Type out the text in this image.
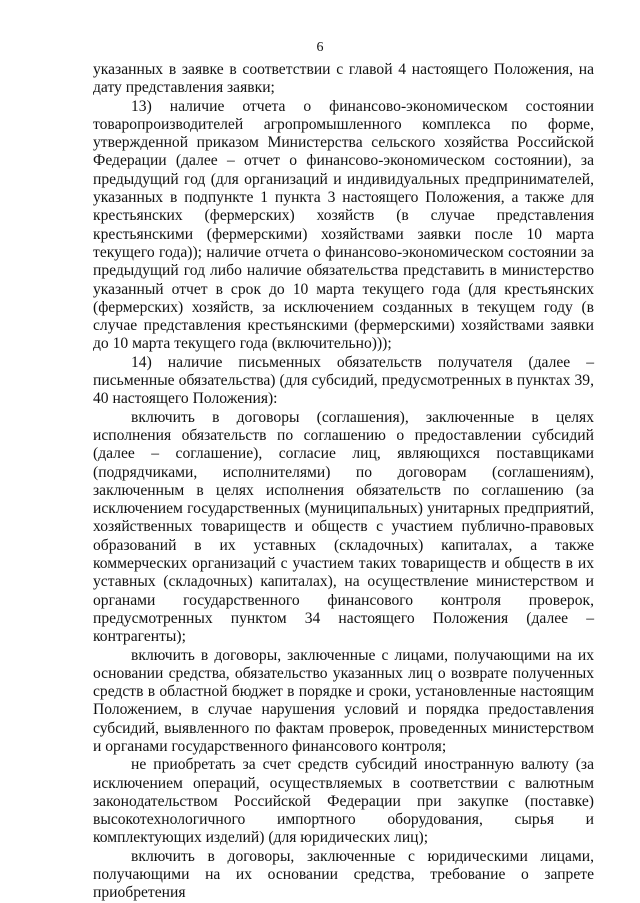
6

указанных в заявке в соответствии с главой 4 настоящего Положения, на дату представления заявки;

13) наличие отчета о финансово-экономическом состоянии товаропроизводителей агропромышленного комплекса по форме, утвержденной приказом Министерства сельского хозяйства Российской Федерации (далее – отчет о финансово-экономическом состоянии), за предыдущий год (для организаций и индивидуальных предпринимателей, указанных в подпункте 1 пункта 3 настоящего Положения, а также для крестьянских (фермерских) хозяйств (в случае представления крестьянскими (фермерскими) хозяйствами заявки после 10 марта текущего года)); наличие отчета о финансово-экономическом состоянии за предыдущий год либо наличие обязательства представить в министерство указанный отчет в срок до 10 марта текущего года (для крестьянских (фермерских) хозяйств, за исключением созданных в текущем году (в случае представления крестьянскими (фермерскими) хозяйствами заявки до 10 марта текущего года (включительно)));

14) наличие письменных обязательств получателя (далее – письменные обязательства) (для субсидий, предусмотренных в пунктах 39, 40 настоящего Положения):

включить в договоры (соглашения), заключенные в целях исполнения обязательств по соглашению о предоставлении субсидий (далее – соглашение), согласие лиц, являющихся поставщиками (подрядчиками, исполнителями) по договорам (соглашениям), заключенным в целях исполнения обязательств по соглашению (за исключением государственных (муниципальных) унитарных предприятий, хозяйственных товариществ и обществ с участием публично-правовых образований в их уставных (складочных) капиталах, а также коммерческих организаций с участием таких товариществ и обществ в их уставных (складочных) капиталах), на осуществление министерством и органами государственного финансового контроля проверок, предусмотренных пунктом 34 настоящего Положения (далее – контрагенты);

включить в договоры, заключенные с лицами, получающими на их основании средства, обязательство указанных лиц о возврате полученных средств в областной бюджет в порядке и сроки, установленные настоящим Положением, в случае нарушения условий и порядка предоставления субсидий, выявленного по фактам проверок, проведенных министерством и органами государственного финансового контроля;

не приобретать за счет средств субсидий иностранную валюту (за исключением операций, осуществляемых в соответствии с валютным законодательством Российской Федерации при закупке (поставке) высокотехнологичного импортного оборудования, сырья и комплектующих изделий) (для юридических лиц);

включить в договоры, заключенные с юридическими лицами, получающими на их основании средства, требование о запрете приобретения
